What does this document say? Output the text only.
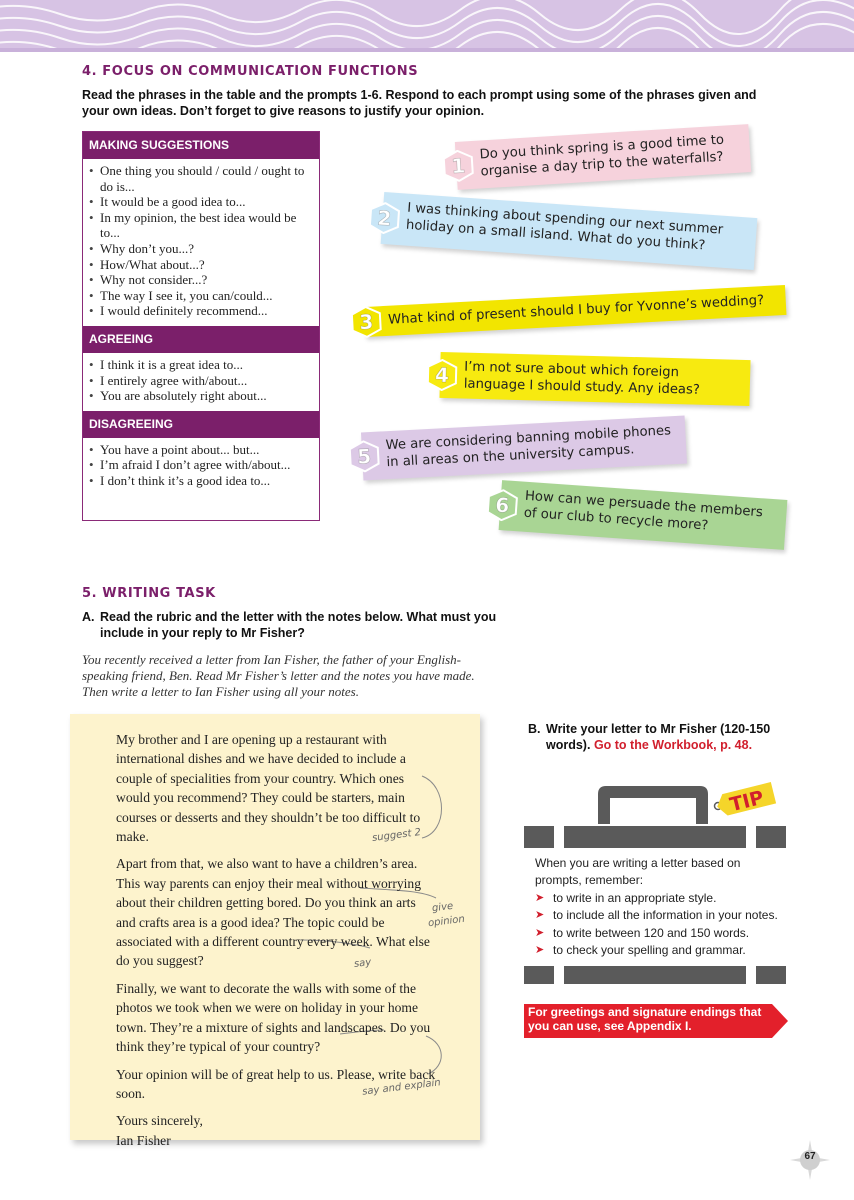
4. FOCUS ON COMMUNICATION FUNCTIONS
Read the phrases in the table and the prompts 1-6. Respond to each prompt using some of the phrases given and your own ideas. Don’t forget to give reasons to justify your opinion.
MAKING SUGGESTIONS
• One thing you should / could / ought to do is...
• It would be a good idea to...
• In my opinion, the best idea would be to...
• Why don’t you...?
• How/What about...?
• Why not consider...?
• The way I see it, you can/could...
• I would definitely recommend...
AGREEING
• I think it is a great idea to...
• I entirely agree with/about...
• You are absolutely right about...
DISAGREEING
• You have a point about... but...
• I’m afraid I don’t agree with/about...
• I don’t think it’s a good idea to...
1
Do you think spring is a good time to organise a day trip to the waterfalls?
2 I was thinking about spending our next summer holiday on a small island. What do you think?
3 What kind of present should I buy for Yvonne’s wedding?
4 I’m not sure about which foreign language I should study. Any ideas?
5
We are considering banning mobile phones in all areas on the university campus.
6 How can we persuade the members of our club to recycle more?
5. WRITING TASK
A. Read the rubric and the letter with the notes below. What must you include in your reply to Mr Fisher?
You recently received a letter from Ian Fisher, the father of your English-speaking friend, Ben. Read Mr Fisher’s letter and the notes you have made. Then write a letter to Ian Fisher using all your notes.

My brother and I are opening up a restaurant with international dishes and we have decided to include a couple of specialities from your country. Which ones would you recommend? They could be starters, main courses or desserts and they shouldn’t be too difficult to make.

Apart from that, we also want to have a children’s area. This way parents can enjoy their meal without worrying about their children getting bored. Do you think an arts and crafts area is a good idea? The topic could be associated with a different country every week. What else do you suggest?

Finally, we want to decorate the walls with some of the photos we took when we were on holiday in your home town. They’re a mixture of sights and landscapes. Do you think they’re typical of your country?

Your opinion will be of great help to us. Please, write back soon.

Yours sincerely,

Ian Fisher

suggest 2
give
opinion
say
say and explain
B. Write your letter to Mr Fisher (120-150 words). Go to the Workbook, p. 48.
TIP
When you are writing a letter based on prompts, remember:
➤ to write in an appropriate style.
➤ to include all the information in your notes.
➤ to write between 120 and 150 words.
➤ to check your spelling and grammar.
For greetings and signature endings that you can use, see Appendix I.
67
